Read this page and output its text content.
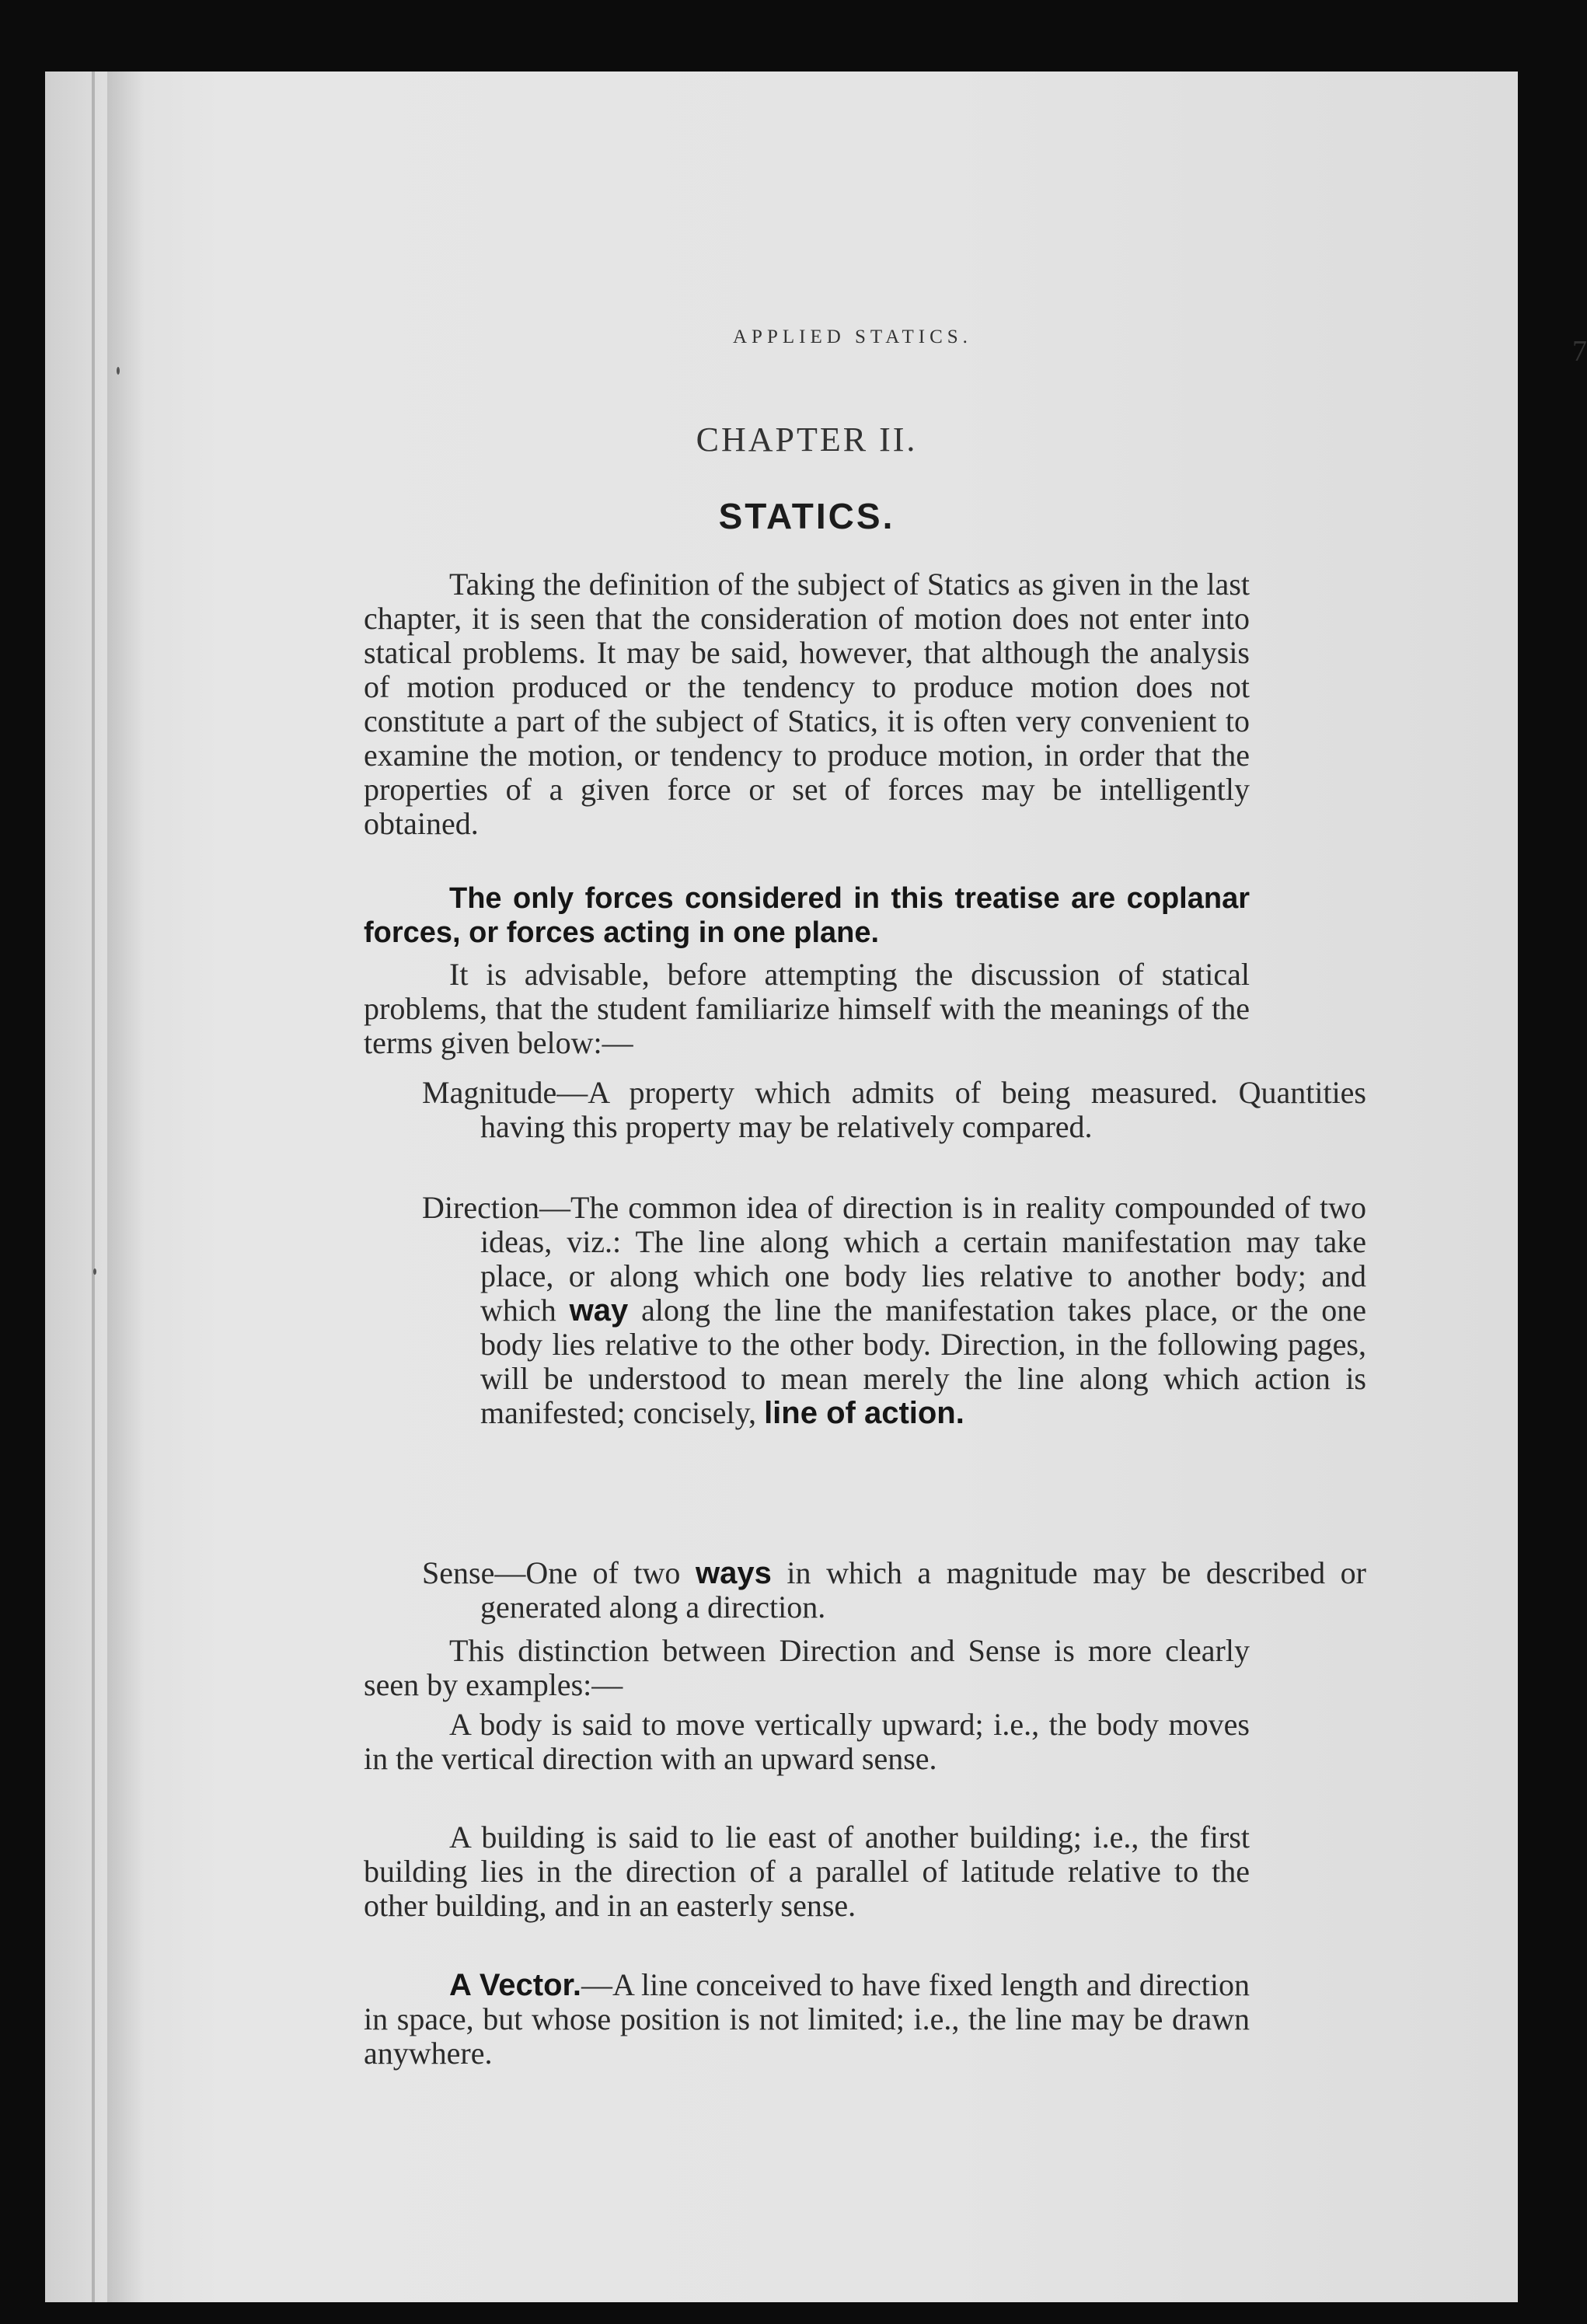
APPLIED STATICS.	7
CHAPTER II.
STATICS.

Taking the definition of the subject of Statics as given in the last chapter, it is seen that the consideration of motion does not enter into statical problems. It may be said, however, that although the analysis of motion produced or the tendency to produce motion does not constitute a part of the subject of Statics, it is often very convenient to examine the motion, or tendency to produce motion, in order that the properties of a given force or set of forces may be intelligently obtained.

The only forces considered in this treatise are coplanar forces, or forces acting in one plane.

It is advisable, before attempting the discussion of statical problems, that the student familiarize himself with the meanings of the terms given below:—

Magnitude—A property which admits of being measured. Quantities having this property may be relatively compared.

Direction—The common idea of direction is in reality compounded of two ideas, viz.: The line along which a certain manifestation may take place, or along which one body lies relative to another body; and which way along the line the manifestation takes place, or the one body lies relative to the other body. Direction, in the following pages, will be understood to mean merely the line along which action is manifested; concisely, line of action.

Sense—One of two ways in which a magnitude may be described or generated along a direction.

This distinction between Direction and Sense is more clearly seen by examples:—

A body is said to move vertically upward; i.e., the body moves in the vertical direction with an upward sense.

A building is said to lie east of another building; i.e., the first building lies in the direction of a parallel of latitude relative to the other building, and in an easterly sense.

A Vector.—A line conceived to have fixed length and direction in space, but whose position is not limited; i.e., the line may be drawn anywhere.
